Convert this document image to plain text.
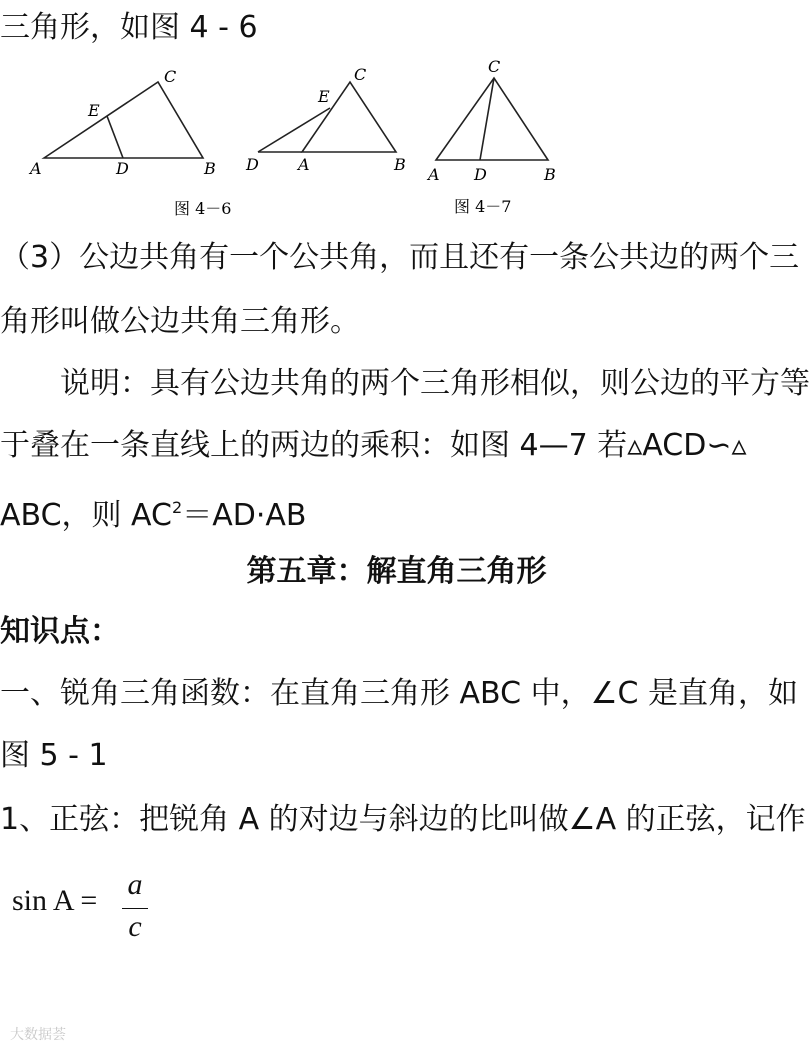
三角形，如图 4 - 6
A	D	B
E
C
图 4－6
D A	B
E
C
A D	B
C
图 4－7
（3）公边共角有一个公共角，而且还有一条公共边的两个三
角形叫做公边共角三角形。
　　说明：具有公边共角的两个三角形相似，则公边的平方等
于叠在一条直线上的两边的乘积：如图 4—7 若▵ACD∽▵
ABC，则 $AC^2=AD\cdot AB$
第五章：解直角三角形
知识点：
一、锐角三角函数：在直角三角形 ABC 中，∠C 是直角，如
图 5 - 1
1、正弦：把锐角 A 的对边与斜边的比叫做∠A 的正弦，记作
sin A = a
c
大数据荟
